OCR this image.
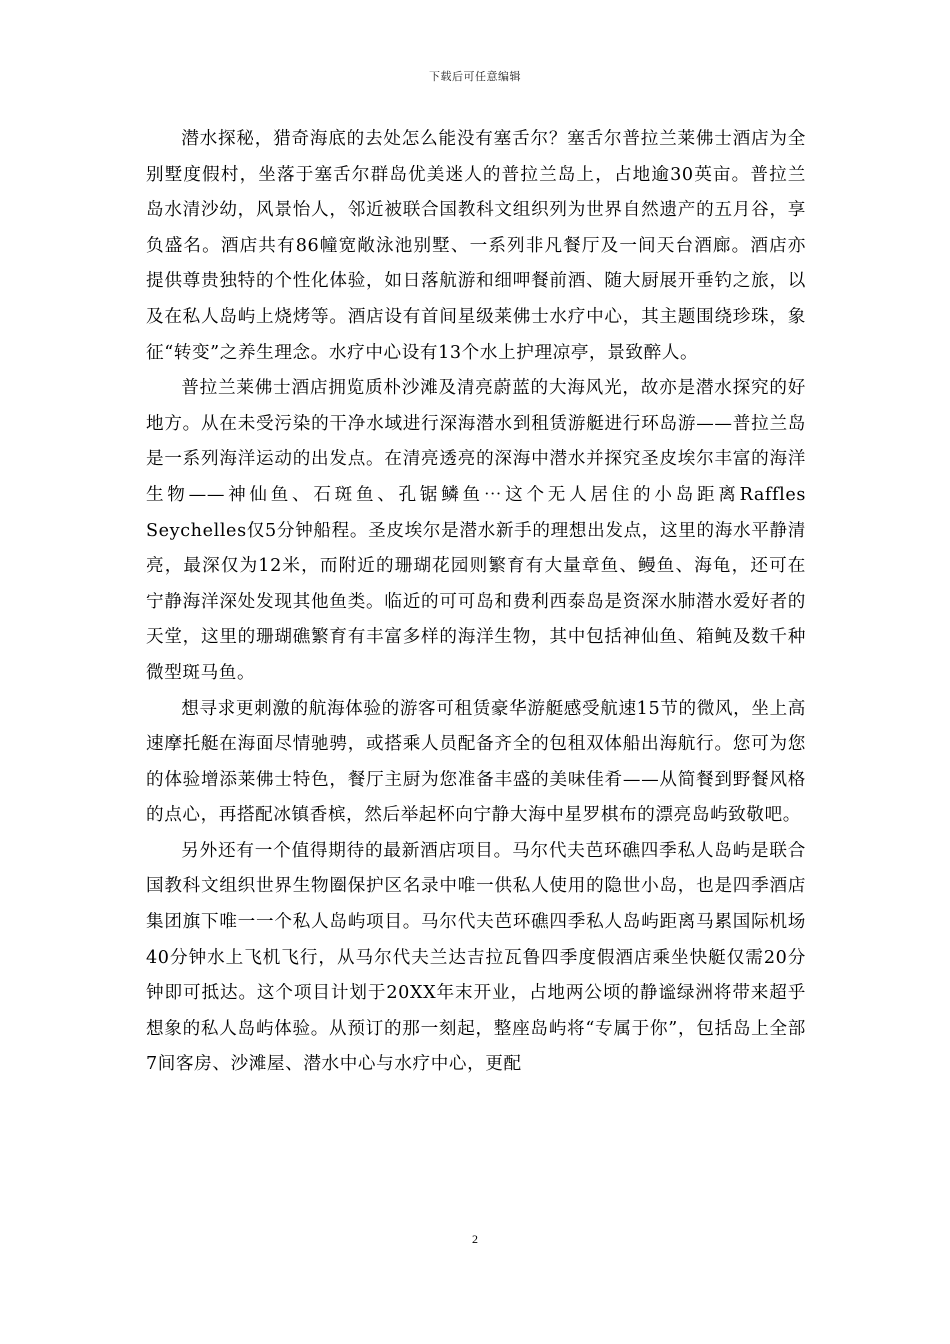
下载后可任意编辑

潜水探秘，猎奇海底的去处怎么能没有塞舌尔？塞舌尔普拉兰莱佛士酒店为全别墅度假村，坐落于塞舌尔群岛优美迷人的普拉兰岛上，占地逾30英亩。普拉兰岛水清沙幼，风景怡人，邻近被联合国教科文组织列为世界自然遗产的五月谷，享负盛名。酒店共有86幢宽敞泳池别墅、一系列非凡餐厅及一间天台酒廊。酒店亦提供尊贵独特的个性化体验，如日落航游和细呷餐前酒、随大厨展开垂钓之旅，以及在私人岛屿上烧烤等。酒店设有首间星级莱佛士水疗中心，其主题围绕珍珠，象征“转变”之养生理念。水疗中心设有13个水上护理凉亭，景致醉人。

普拉兰莱佛士酒店拥览质朴沙滩及清亮蔚蓝的大海风光，故亦是潜水探究的好地方。从在未受污染的干净水域进行深海潜水到租赁游艇进行环岛游——普拉兰岛是一系列海洋运动的出发点。在清亮透亮的深海中潜水并探究圣皮埃尔丰富的海洋生物——神仙鱼、石斑鱼、孔锯鳞鱼⋯这个无人居住的小岛距离Raffles Seychelles仅5分钟船程。圣皮埃尔是潜水新手的理想出发点，这里的海水平静清亮，最深仅为12米，而附近的珊瑚花园则繁育有大量章鱼、鳗鱼、海龟，还可在宁静海洋深处发现其他鱼类。临近的可可岛和费利西泰岛是资深水肺潜水爱好者的天堂，这里的珊瑚礁繁育有丰富多样的海洋生物，其中包括神仙鱼、箱鲀及数千种微型斑马鱼。

想寻求更刺激的航海体验的游客可租赁豪华游艇感受航速15节的微风，坐上高速摩托艇在海面尽情驰骋，或搭乘人员配备齐全的包租双体船出海航行。您可为您的体验增添莱佛士特色，餐厅主厨为您准备丰盛的美味佳肴——从简餐到野餐风格的点心，再搭配冰镇香槟，然后举起杯向宁静大海中星罗棋布的漂亮岛屿致敬吧。

另外还有一个值得期待的最新酒店项目。马尔代夫芭环礁四季私人岛屿是联合国教科文组织世界生物圈保护区名录中唯一供私人使用的隐世小岛，也是四季酒店集团旗下唯一一个私人岛屿项目。马尔代夫芭环礁四季私人岛屿距离马累国际机场40分钟水上飞机飞行，从马尔代夫兰达吉拉瓦鲁四季度假酒店乘坐快艇仅需20分钟即可抵达。这个项目计划于20XX年末开业，占地两公顷的静谧绿洲将带来超乎想象的私人岛屿体验。从预订的那一刻起，整座岛屿将“专属于你”，包括岛上全部7间客房、沙滩屋、潜水中心与水疗中心，更配

2
